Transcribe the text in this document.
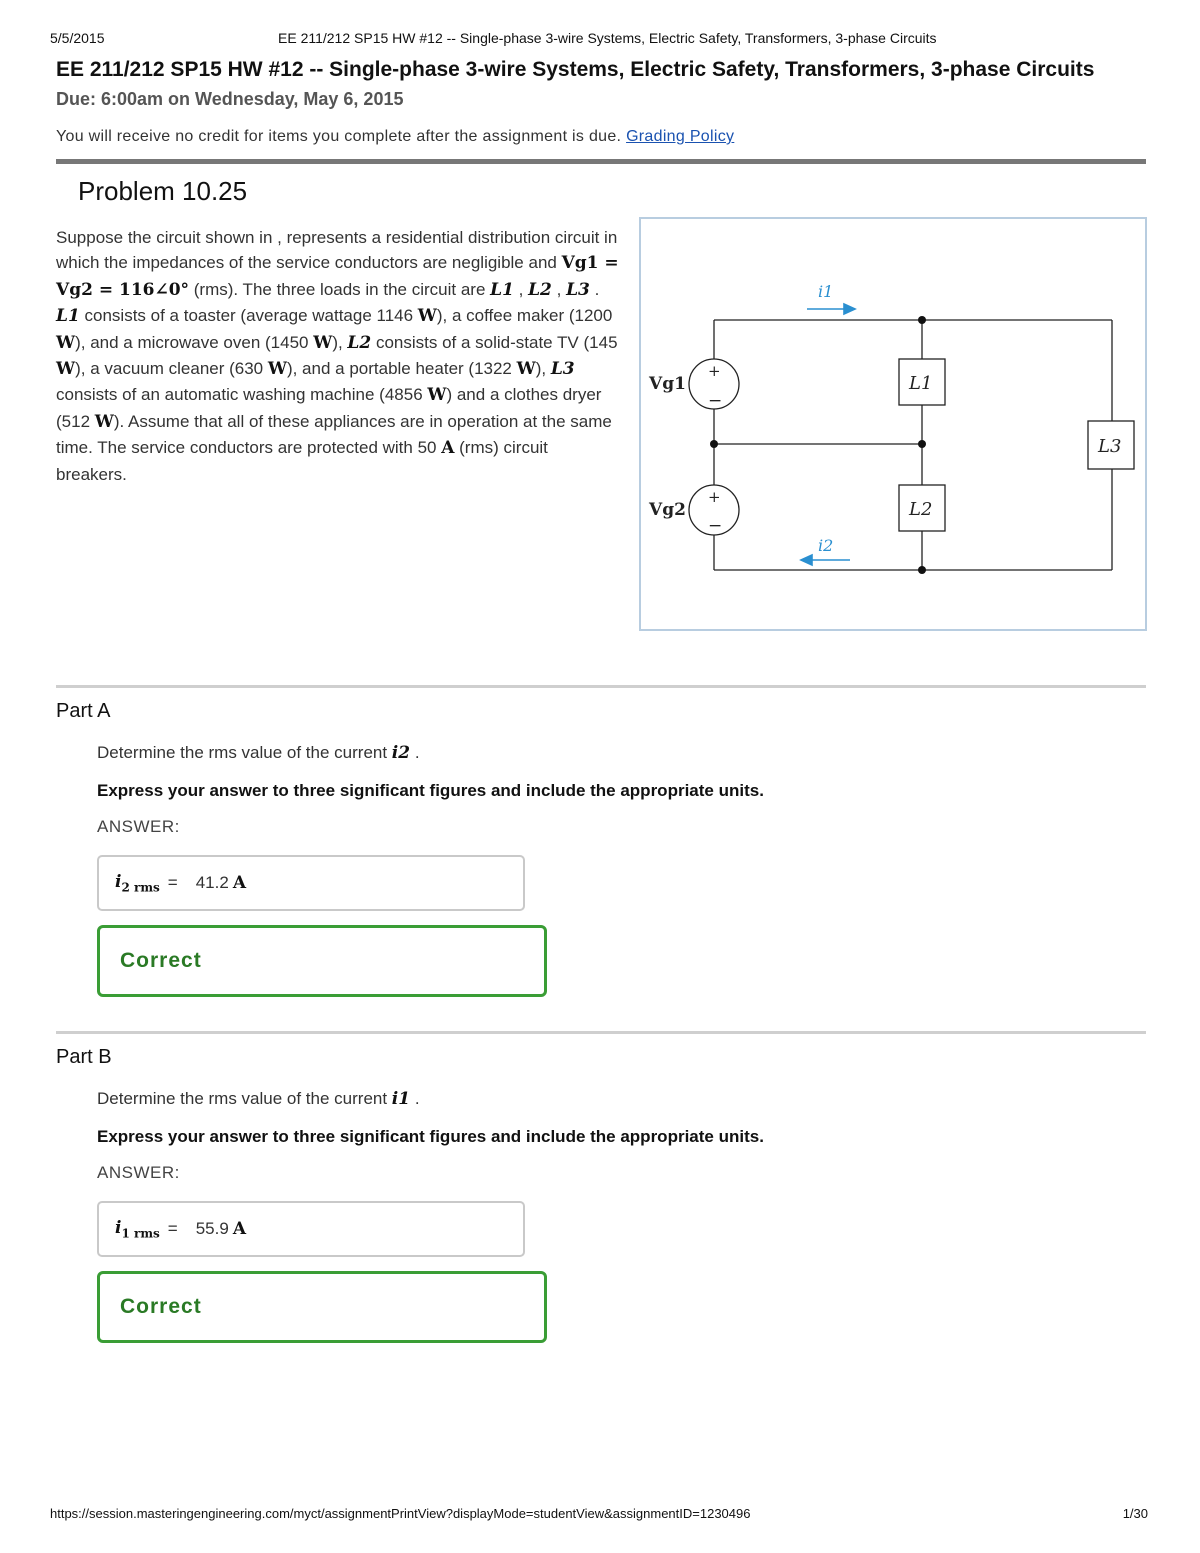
5/5/2015	EE 211/212 SP15 HW #12 -- Single-phase 3-wire Systems, Electric Safety, Transformers, 3-phase Circuits
EE 211/212 SP15 HW #12 -- Single-phase 3-wire Systems, Electric Safety, Transformers, 3-phase Circuits
Due: 6:00am on Wednesday, May 6, 2015
You will receive no credit for items you complete after the assignment is due. Grading Policy
Problem 10.25
Suppose the circuit shown in , represents a residential distribution circuit in which the impedances of the service conductors are negligible and Vg1 = Vg2 = 116∠0° (rms). The three loads in the circuit are L1 , L2 , L3 . L1 consists of a toaster (average wattage 1146 W), a coffee maker (1200 W), and a microwave oven (1450 W), L2 consists of a solid-state TV (145 W), a vacuum cleaner (630 W), and a portable heater (1322 W), L3 consists of an automatic washing machine (4856 W) and a clothes dryer (512 W). Assume that all of these appliances are in operation at the same time. The service conductors are protected with 50 A (rms) circuit breakers.
i1
i2
Vg1
Vg2
+
−
+
−
L1
L2
L3
Part A
Determine the rms value of the current i2 .
Express your answer to three significant figures and include the appropriate units.
ANSWER:
$i_{2 rms} = 41.2$ A
Correct
Part B
Determine the rms value of the current i1 .
Express your answer to three significant figures and include the appropriate units.
ANSWER:
$i_{1 rms} = 55.9$ A
Correct
https://session.masteringengineering.com/myct/assignmentPrintView?displayMode=studentView&assignmentID=1230496	1/30
